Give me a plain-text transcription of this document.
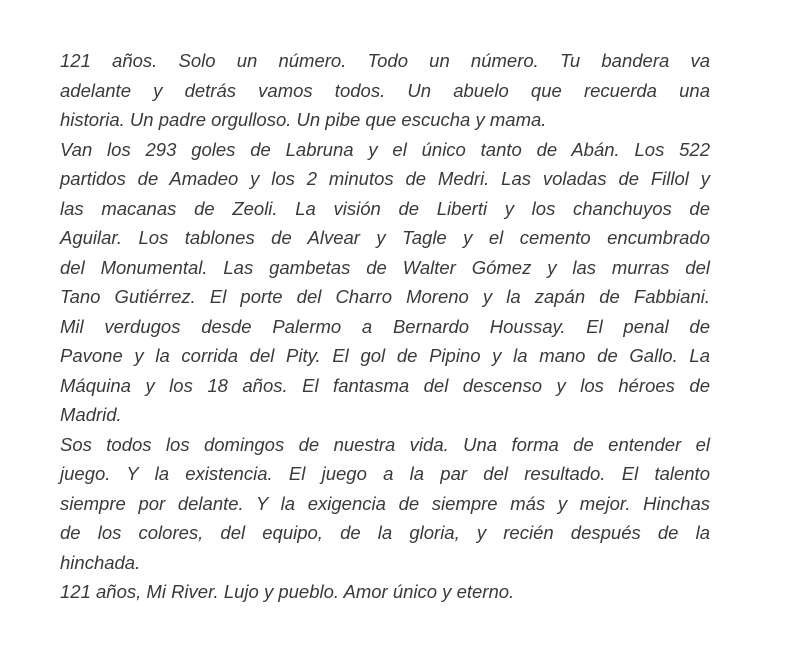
121 años. Solo un número. Todo un número. Tu bandera va
adelante y detrás vamos todos. Un abuelo que recuerda una
historia. Un padre orgulloso. Un pibe que escucha y mama.
Van los 293 goles de Labruna y el único tanto de Abán. Los 522
partidos de Amadeo y los 2 minutos de Medri. Las voladas de Fillol y
las macanas de Zeoli. La visión de Liberti y los chanchuyos de
Aguilar. Los tablones de Alvear y Tagle y el cemento encumbrado
del Monumental. Las gambetas de Walter Gómez y las murras del
Tano Gutiérrez. El porte del Charro Moreno y la zapán de Fabbiani.
Mil verdugos desde Palermo a Bernardo Houssay. El penal de
Pavone y la corrida del Pity. El gol de Pipino y la mano de Gallo. La
Máquina y los 18 años. El fantasma del descenso y los héroes de
Madrid.
Sos todos los domingos de nuestra vida. Una forma de entender el
juego. Y la existencia. El juego a la par del resultado. El talento
siempre por delante. Y la exigencia de siempre más y mejor. Hinchas
de los colores, del equipo, de la gloria, y recién después de la
hinchada.
121 años, Mi River. Lujo y pueblo. Amor único y eterno.
